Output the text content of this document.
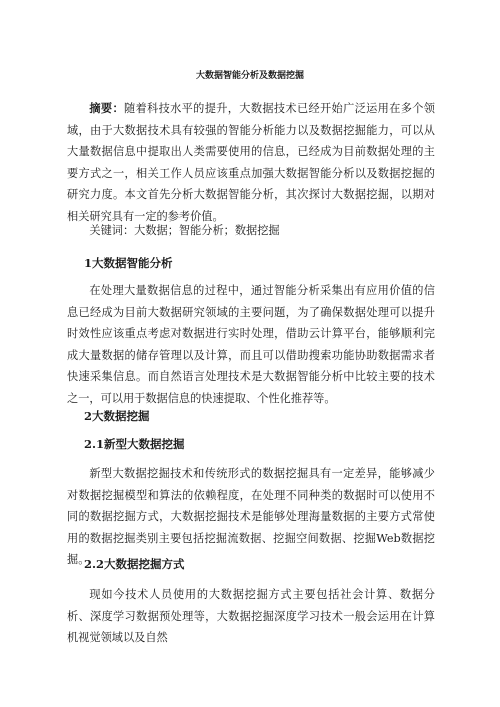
大数据智能分析及数据挖掘

摘要：随着科技水平的提升，大数据技术已经开始广泛运用在多个领域，由于大数据技术具有较强的智能分析能力以及数据挖掘能力，可以从大量数据信息中提取出人类需要使用的信息，已经成为目前数据处理的主要方式之一，相关工作人员应该重点加强大数据智能分析以及数据挖掘的研究力度。本文首先分析大数据智能分析，其次探讨大数据挖掘，以期对相关研究具有一定的参考价值。

关键词：大数据；智能分析；数据挖掘

1大数据智能分析

在处理大量数据信息的过程中，通过智能分析采集出有应用价值的信息已经成为目前大数据研究领域的主要问题，为了确保数据处理可以提升时效性应该重点考虑对数据进行实时处理，借助云计算平台，能够顺利完成大量数据的储存管理以及计算，而且可以借助搜索功能协助数据需求者快速采集信息。而自然语言处理技术是大数据智能分析中比较主要的技术之一，可以用于数据信息的快速提取、个性化推荐等。

2大数据挖掘
2.1新型大数据挖掘

新型大数据挖掘技术和传统形式的数据挖掘具有一定差异，能够减少对数据挖掘模型和算法的依赖程度，在处理不同种类的数据时可以使用不同的数据挖掘方式，大数据挖掘技术是能够处理海量数据的主要方式常使用的数据挖掘类别主要包括挖掘流数据、挖掘空间数据、挖掘Web数据挖掘。

2.2大数据挖掘方式

现如今技术人员使用的大数据挖掘方式主要包括社会计算、数据分析、深度学习数据预处理等，大数据挖掘深度学习技术一般会运用在计算机视觉领域以及自然
